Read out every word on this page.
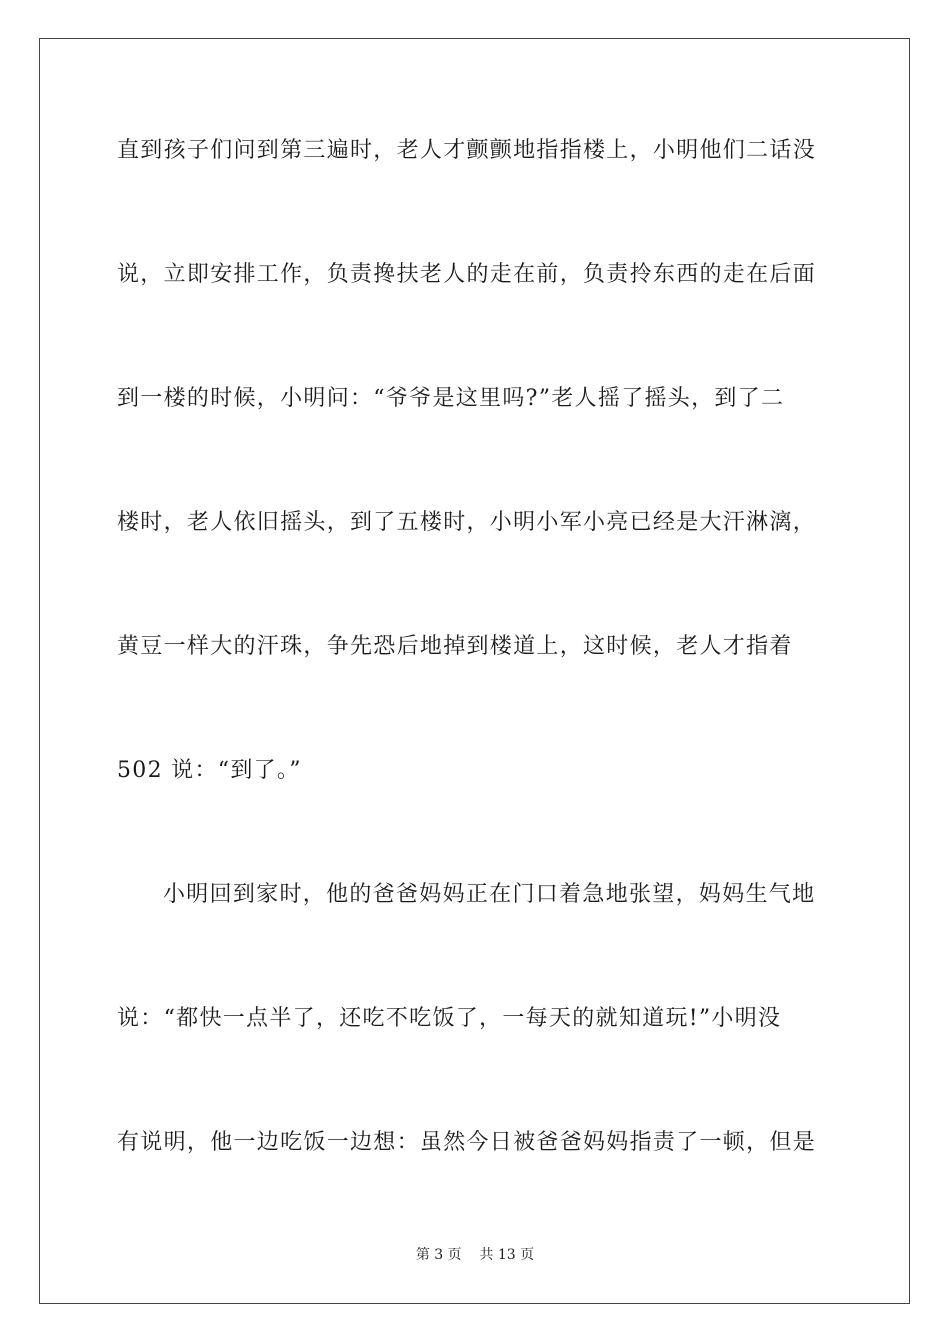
直到孩子们问到第三遍时，老人才颤颤地指指楼上，小明他们二话没
说，立即安排工作，负责搀扶老人的走在前，负责拎东西的走在后面
到一楼的时候，小明问：“爷爷是这里吗?”老人摇了摇头，到了二
楼时，老人依旧摇头，到了五楼时，小明小军小亮已经是大汗淋漓，
黄豆一样大的汗珠，争先恐后地掉到楼道上，这时候，老人才指着
502 说：“到了。”
小明回到家时，他的爸爸妈妈正在门口着急地张望，妈妈生气地
说：“都快一点半了，还吃不吃饭了，一每天的就知道玩!”小明没
有说明，他一边吃饭一边想：虽然今日被爸爸妈妈指责了一顿，但是
第 3 页 共 13 页
